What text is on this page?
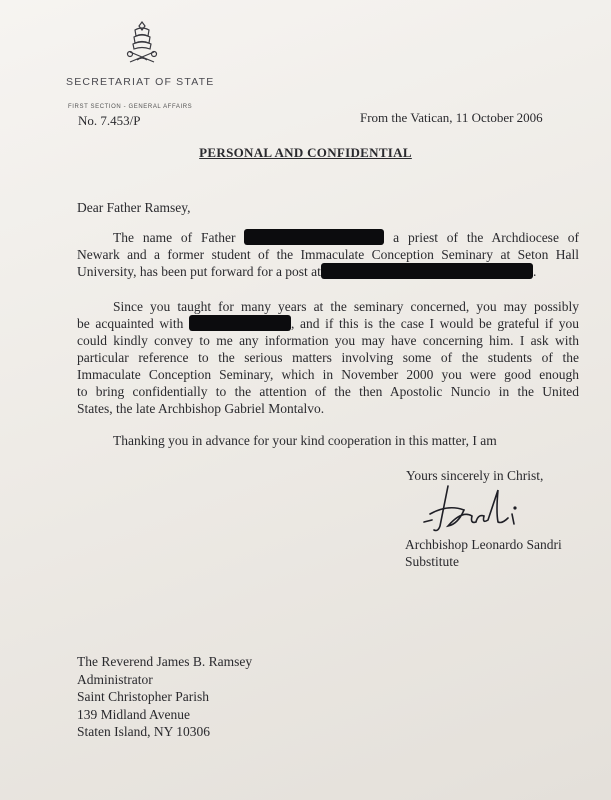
SECRETARIAT OF STATE
FIRST SECTION - GENERAL AFFAIRS
No. 7.453/P	From the Vatican, 11 October 2006
PERSONAL AND CONFIDENTIAL
Dear Father Ramsey,
The name of Father	a priest of the Archdiocese of
Newark and a former student of the Immaculate Conception Seminary at Seton Hall
University, has been put forward for a post at	.
Since you taught for many years at the seminary concerned, you may possibly
be acquainted with	, and if this is the case I would be grateful if you
could kindly convey to me any information you may have concerning him. I ask with
particular reference to the serious matters involving some of the students of the
Immaculate Conception Seminary, which in November 2000 you were good enough
to bring confidentially to the attention of the then Apostolic Nuncio in the United
States, the late Archbishop Gabriel Montalvo.
Thanking you in advance for your kind cooperation in this matter, I am
Yours sincerely in Christ,
Archbishop Leonardo Sandri
Substitute
The Reverend James B. Ramsey
Administrator
Saint Christopher Parish
139 Midland Avenue
Staten Island, NY 10306
